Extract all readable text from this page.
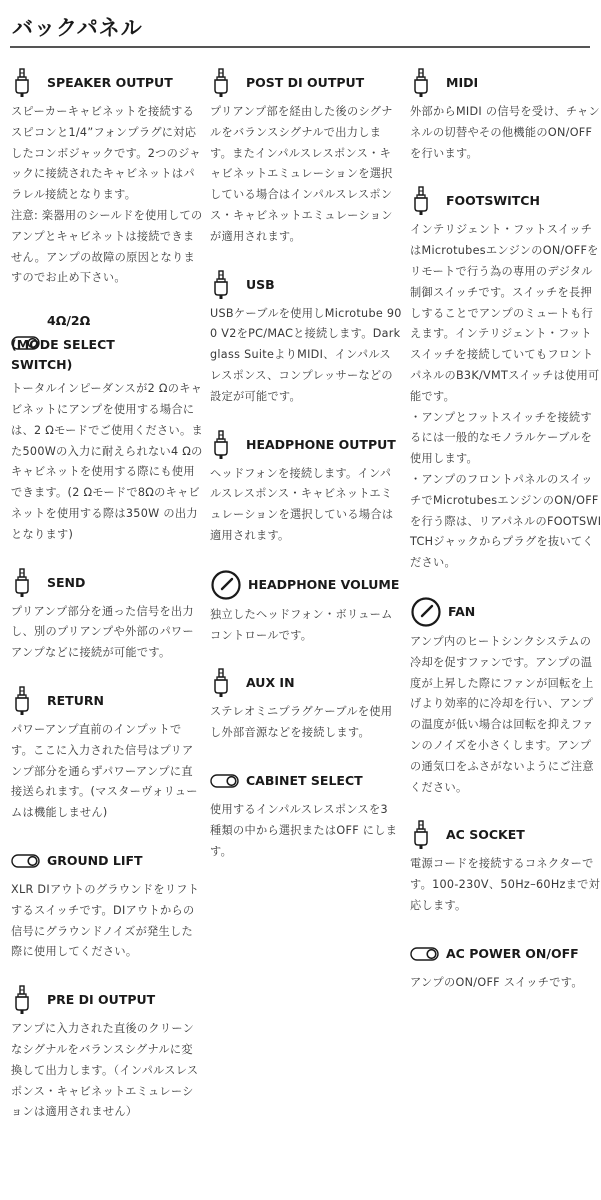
バックパネル
SPEAKER OUTPUT

スピーカーキャビネットを接続するスピコンと1/4”フォンプラグに対応したコンボジャックです。2つのジャックに接続されたキャビネットはパラレル接続となります。
注意: 楽器用のシールドを使用してのアンプとキャビネットは接続できません。アンプの故障の原因となりますのでお止め下さい。

4Ω/2Ω
(MODE SELECT SWITCH)

トータルインピーダンスが2 Ωのキャビネットにアンプを使用する場合には、2 Ωモードでご使用ください。また500Wの入力に耐えられない4 Ωのキャビネットを使用する際にも使用できます。(2 Ωモードで8Ωのキャビネットを使用する際は350W の出力となります)

SEND

プリアンプ部分を通った信号を出力し、別のプリアンプや外部のパワーアンプなどに接続が可能です。

RETURN

パワーアンプ直前のインプットです。ここに入力された信号はプリアンプ部分を通らずパワーアンプに直接送られます。(マスターヴォリュームは機能しません)

GROUND LIFT

XLR DIアウトのグラウンドをリフトするスイッチです。DIアウトからの信号にグラウンドノイズが発生した際に使用してください。

PRE DI OUTPUT

アンプに入力された直後のクリーンなシグナルをバランスシグナルに変換して出力します。（インパルスレスポンス・キャビネットエミュレーションは適用されません）

POST DI OUTPUT

プリアンプ部を経由した後のシグナルをバランスシグナルで出力します。またインパルスレスポンス・キャビネットエミュレーションを選択している場合はインパルスレスポンス・キャビネットエミュレーションが適用されます。

USB

USBケーブルを使用しMicrotube 900 V2をPC/MACと接続します。Darkglass SuiteよりMIDI、インパルスレスポンス、コンプレッサーなどの設定が可能です。

HEADPHONE OUTPUT

ヘッドフォンを接続します。インパルスレスポンス・キャビネットエミュレーションを選択している場合は適用されます。

HEADPHONE VOLUME

独立したヘッドフォン・ボリュームコントロールです。

AUX IN

ステレオミニプラグケーブルを使用し外部音源などを接続します。

CABINET SELECT

使用するインパルスレスポンスを3 種類の中から選択またはOFF にします。

MIDI

外部からMIDI の信号を受け、チャンネルの切替やその他機能のON/OFF を行います。

FOOTSWITCH

インテリジェント・フットスイッチはMicrotubesエンジンのON/OFFをリモートで行う為の専用のデジタル制御スイッチです。スイッチを長押しすることでアンプのミュートも行えます。インテリジェント・フットスイッチを接続していてもフロントパネルのB3K/VMTスイッチは使用可能です。
・アンプとフットスイッチを接続するには一般的なモノラルケーブルを使用します。
・アンプのフロントパネルのスイッチでMicrotubesエンジンのON/OFF を行う際は、リアパネルのFOOTSWITCHジャックからプラグを抜いてください。

FAN

アンプ内のヒートシンクシステムの冷却を促すファンです。アンプの温度が上昇した際にファンが回転を上げより効率的に冷却を行い、アンプの温度が低い場合は回転を抑えファンのノイズを小さくします。アンプの通気口をふさがないようにご注意ください。

AC SOCKET

電源コードを接続するコネクターです。100-230V、50Hz–60Hzまで対応します。

AC POWER ON/OFF

アンプのON/OFF スイッチです。
